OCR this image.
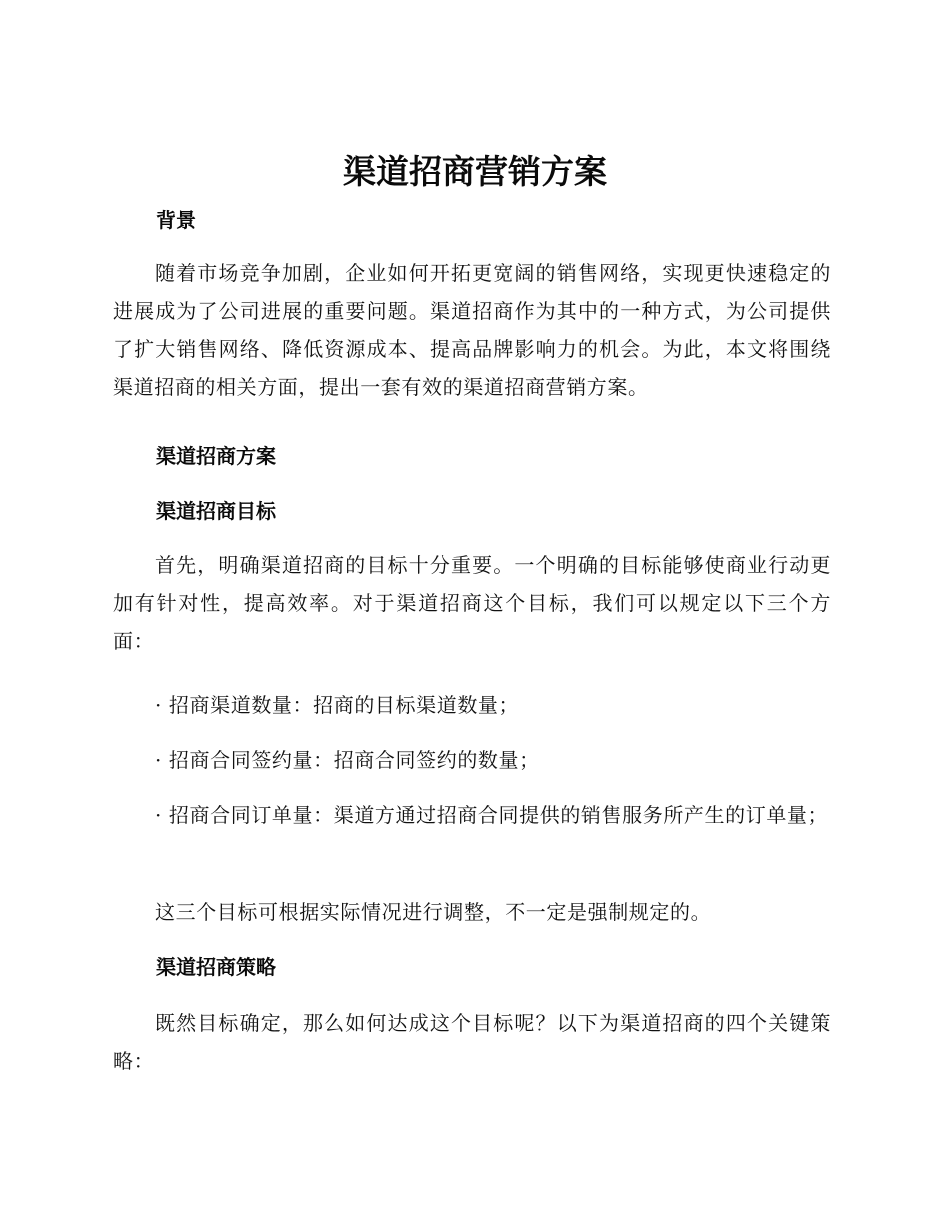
渠道招商营销方案
背景

随着市场竞争加剧，企业如何开拓更宽阔的销售网络，实现更快速稳定的进展成为了公司进展的重要问题。渠道招商作为其中的一种方式，为公司提供了扩大销售网络、降低资源成本、提高品牌影响力的机会。为此，本文将围绕渠道招商的相关方面，提出一套有效的渠道招商营销方案。

渠道招商方案
渠道招商目标

首先，明确渠道招商的目标十分重要。一个明确的目标能够使商业行动更加有针对性，提高效率。对于渠道招商这个目标，我们可以规定以下三个方面：

· 招商渠道数量：招商的目标渠道数量；

· 招商合同签约量：招商合同签约的数量；

· 招商合同订单量：渠道方通过招商合同提供的销售服务所产生的订单量；

这三个目标可根据实际情况进行调整，不一定是强制规定的。

渠道招商策略

既然目标确定，那么如何达成这个目标呢？以下为渠道招商的四个关键策略：
